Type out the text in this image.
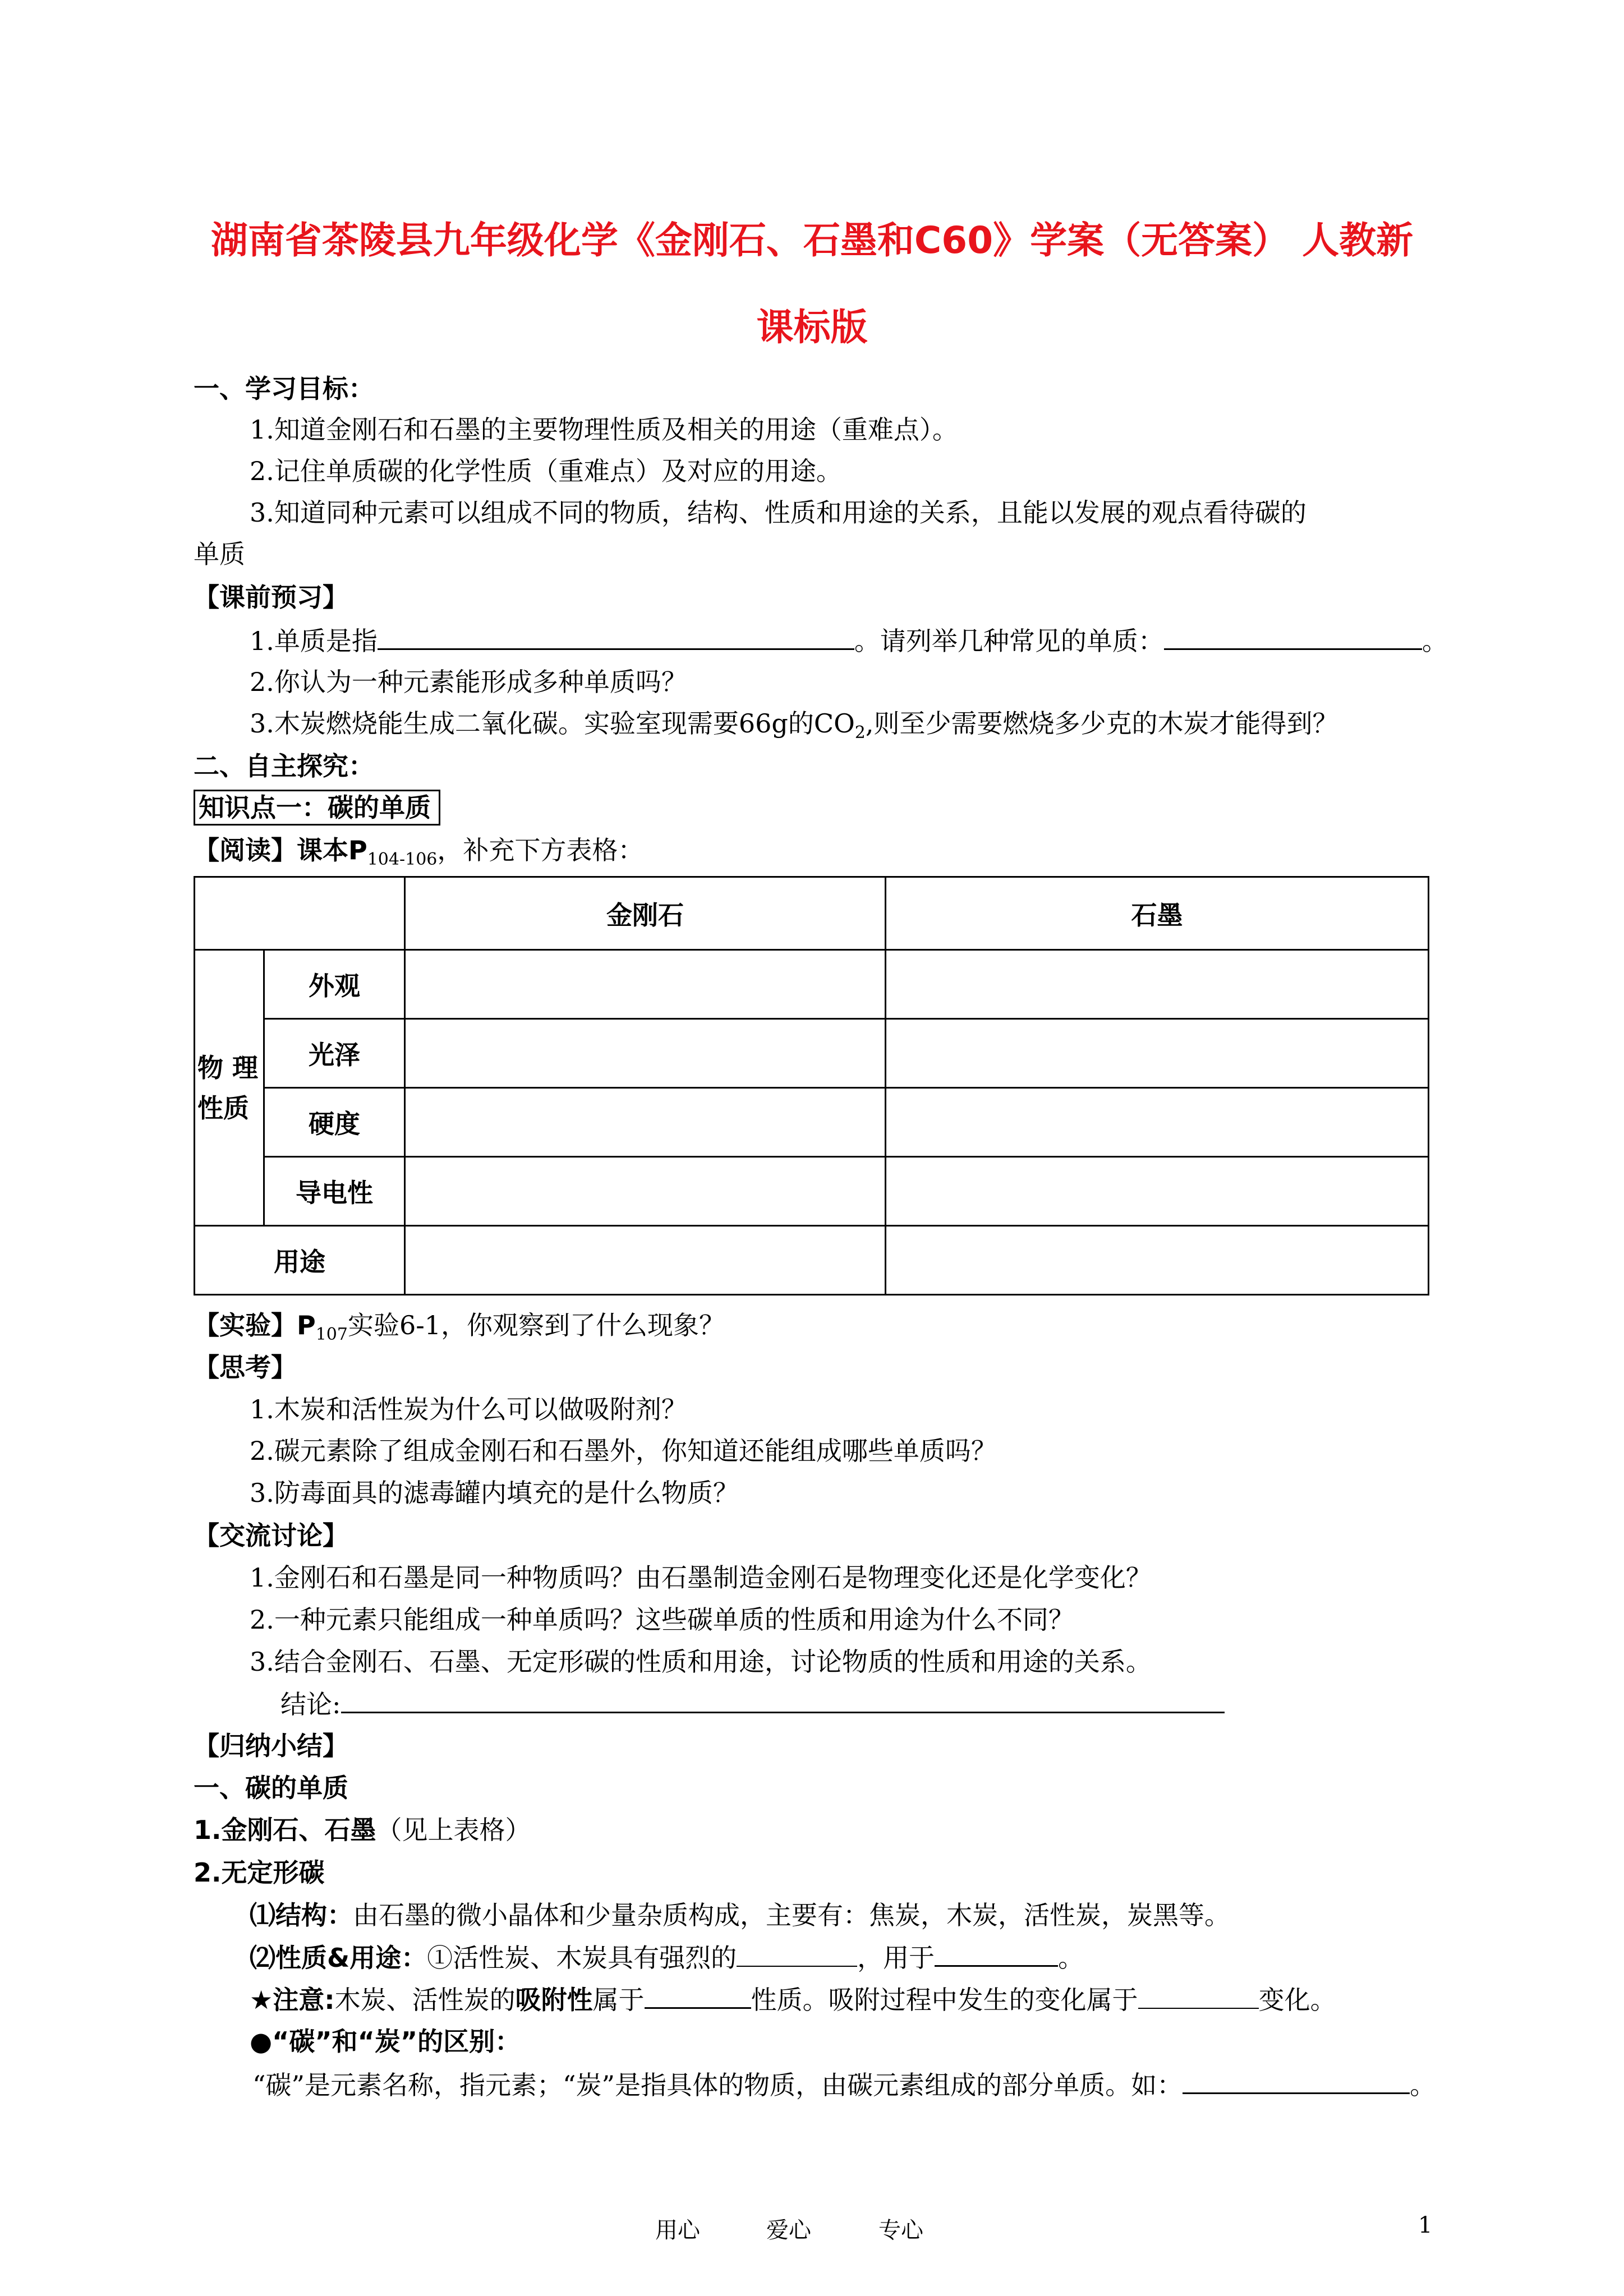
湖南省茶陵县九年级化学《金刚石、石墨和C60》学案（无答案） 人教新
课标版
一、学习目标：
1.知道金刚石和石墨的主要物理性质及相关的用途（重难点）。
2.记住单质碳的化学性质（重难点）及对应的用途。
3.知道同种元素可以组成不同的物质，结构、性质和用途的关系，且能以发展的观点看待碳的
单质
【课前预习】
1.单质是指	。请列举几种常见的单质：	。
2.你认为一种元素能形成多种单质吗？
3.木炭燃烧能生成二氧化碳。实验室现需要66g的$CO_2$,则至少需要燃烧多少克的木炭才能得到？
二、自主探究：
知识点一：碳的单质
【阅读】课本$P_{104-106}$，补充下方表格：
		金刚石	石墨
物 理
性质	外观		
	光泽		
	硬度		
	导电性		
用途			
【实验】$P_{107}$实验6-1，你观察到了什么现象？
【思考】
1.木炭和活性炭为什么可以做吸附剂？
2.碳元素除了组成金刚石和石墨外，你知道还能组成哪些单质吗？
3.防毒面具的滤毒罐内填充的是什么物质？
【交流讨论】
1.金刚石和石墨是同一种物质吗？由石墨制造金刚石是物理变化还是化学变化？
2.一种元素只能组成一种单质吗？这些碳单质的性质和用途为什么不同？
3.结合金刚石、石墨、无定形碳的性质和用途，讨论物质的性质和用途的关系。
结论:
【归纳小结】
一、碳的单质
1.金刚石、石墨（见上表格）
2.无定形碳
⑴结构：由石墨的微小晶体和少量杂质构成，主要有：焦炭，木炭，活性炭，炭黑等。
⑵性质&用途：①活性炭、木炭具有强烈的	，用于	。
★注意:木炭、活性炭的吸附性属于	性质。吸附过程中发生的变化属于	变化。
●“碳”和“炭”的区别：
“碳”是元素名称，指元素；“炭”是指具体的物质，由碳元素组成的部分单质。如：	。
用心	爱心	专心	1
